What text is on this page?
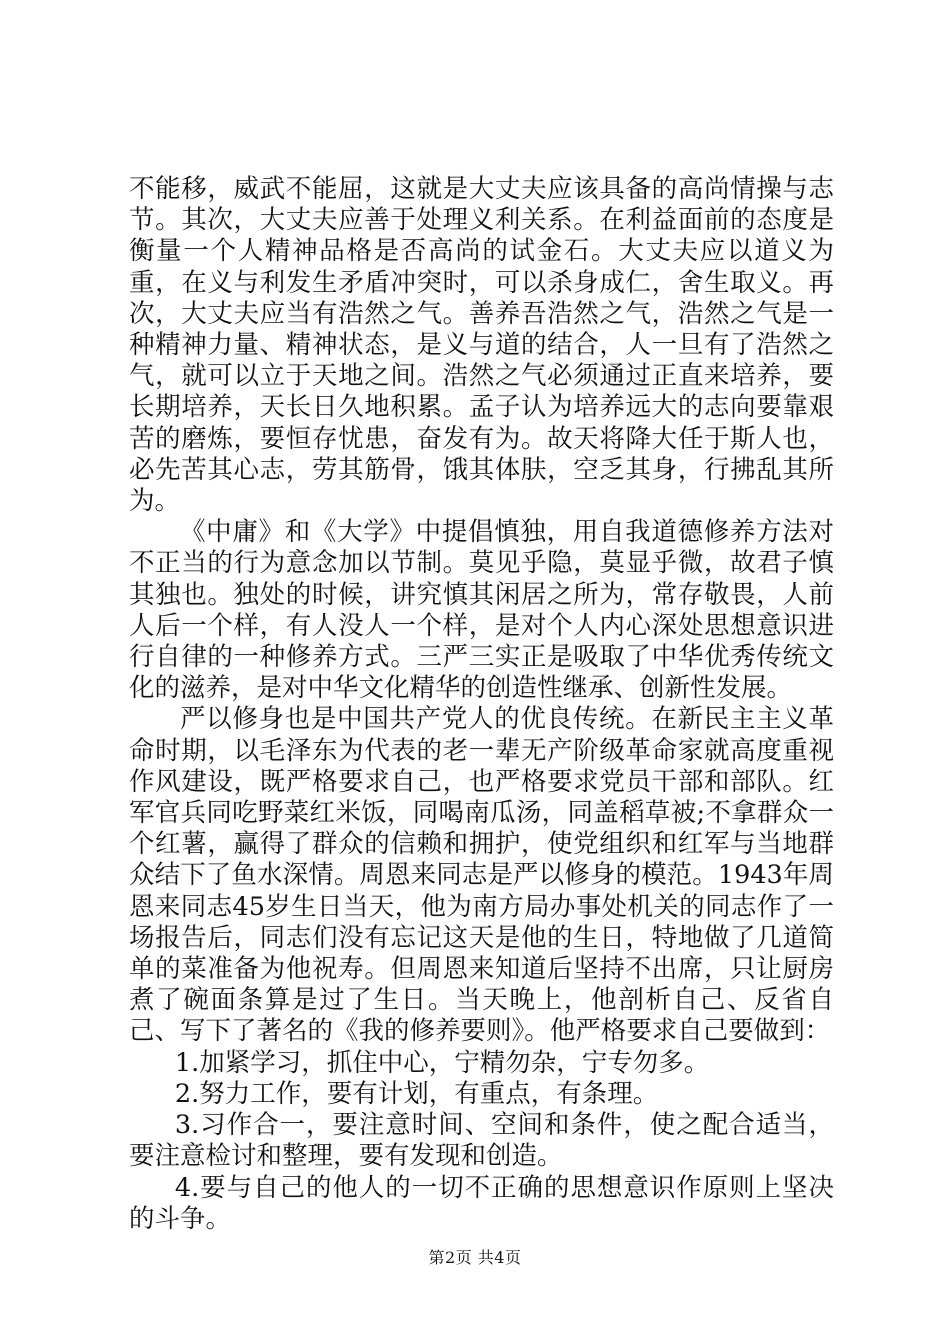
不能移，威武不能屈，这就是大丈夫应该具备的高尚情操与志节。其次，大丈夫应善于处理义利关系。在利益面前的态度是衡量一个人精神品格是否高尚的试金石。大丈夫应以道义为重，在义与利发生矛盾冲突时，可以杀身成仁，舍生取义。再次，大丈夫应当有浩然之气。善养吾浩然之气，浩然之气是一种精神力量、精神状态，是义与道的结合，人一旦有了浩然之气，就可以立于天地之间。浩然之气必须通过正直来培养，要长期培养，天长日久地积累。孟子认为培养远大的志向要靠艰苦的磨炼，要恒存忧患，奋发有为。故天将降大任于斯人也，必先苦其心志，劳其筋骨，饿其体肤，空乏其身，行拂乱其所为。

《中庸》和《大学》中提倡慎独，用自我道德修养方法对不正当的行为意念加以节制。莫见乎隐，莫显乎微，故君子慎其独也。独处的时候，讲究慎其闲居之所为，常存敬畏，人前人后一个样，有人没人一个样，是对个人内心深处思想意识进行自律的一种修养方式。三严三实正是吸取了中华优秀传统文化的滋养，是对中华文化精华的创造性继承、创新性发展。

严以修身也是中国共产党人的优良传统。在新民主主义革命时期，以毛泽东为代表的老一辈无产阶级革命家就高度重视作风建设，既严格要求自己，也严格要求党员干部和部队。红军官兵同吃野菜红米饭，同喝南瓜汤，同盖稻草被;不拿群众一个红薯，赢得了群众的信赖和拥护，使党组织和红军与当地群众结下了鱼水深情。周恩来同志是严以修身的模范。1943年周恩来同志45岁生日当天，他为南方局办事处机关的同志作了一场报告后，同志们没有忘记这天是他的生日，特地做了几道简单的菜准备为他祝寿。但周恩来知道后坚持不出席，只让厨房煮了碗面条算是过了生日。当天晚上，他剖析自己、反省自己、写下了著名的《我的修养要则》。他严格要求自己要做到：

1.加紧学习，抓住中心，宁精勿杂，宁专勿多。

2.努力工作，要有计划，有重点，有条理。

3.习作合一，要注意时间、空间和条件，使之配合适当，要注意检讨和整理，要有发现和创造。

4.要与自己的他人的一切不正确的思想意识作原则上坚决的斗争。

第2页 共4页
